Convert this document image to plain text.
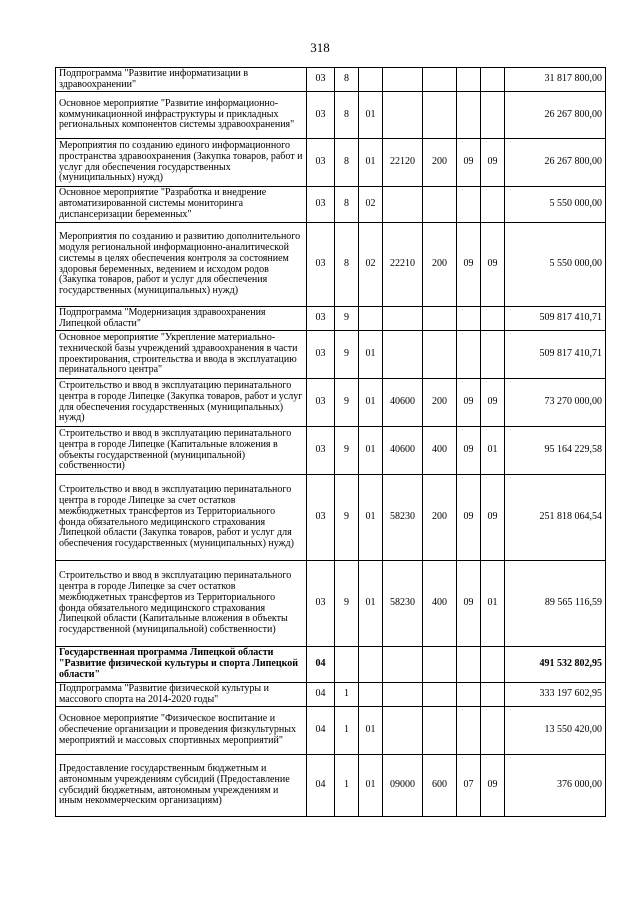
318
Подпрограмма "Развитие информатизации в здравоохранении"	03	8						31 817 800,00
Основное мероприятие "Развитие информационно-коммуникационной инфраструктуры и прикладных региональных компонентов системы здравоохранения"	03	8	01					26 267 800,00
Мероприятия по созданию единого информационного пространства здравоохранения (Закупка товаров, работ и услуг для обеспечения государственных (муниципальных) нужд)	03	8	01	22120	200	09	09	26 267 800,00
Основное мероприятие "Разработка и внедрение автоматизированной системы мониторинга диспансеризации беременных"	03	8	02					5 550 000,00
Мероприятия по созданию и развитию дополнительного модуля региональной информационно-аналитической системы в целях обеспечения контроля за состоянием здоровья беременных, ведением и исходом родов (Закупка товаров, работ и услуг для обеспечения государственных (муниципальных) нужд)	03	8	02	22210	200	09	09	5 550 000,00
Подпрограмма "Модернизация здравоохранения Липецкой области"	03	9						509 817 410,71
Основное мероприятие "Укрепление материально-технической базы учреждений здравоохранения в части проектирования, строительства и ввода в эксплуатацию перинатального центра"	03	9	01					509 817 410,71
Строительство и ввод в эксплуатацию перинатального центра в городе Липецке (Закупка товаров, работ и услуг для обеспечения государственных (муниципальных) нужд)	03	9	01	40600	200	09	09	73 270 000,00
Строительство и ввод в эксплуатацию перинатального центра в городе Липецке (Капитальные вложения в объекты государственной (муниципальной) собственности)	03	9	01	40600	400	09	01	95 164 229,58
Строительство и ввод в эксплуатацию перинатального центра в городе Липецке за счет остатков межбюджетных трансфертов из Территориального фонда обязательного медицинского страхования Липецкой области (Закупка товаров, работ и услуг для обеспечения государственных (муниципальных) нужд)	03	9	01	58230	200	09	09	251 818 064,54
Строительство и ввод в эксплуатацию перинатального центра в городе Липецке за счет остатков межбюджетных трансфертов из Территориального фонда обязательного медицинского страхования Липецкой области (Капитальные вложения в объекты государственной (муниципальной) собственности)	03	9	01	58230	400	09	01	89 565 116,59
Государственная программа Липецкой области "Развитие физической культуры и спорта Липецкой области"	04							491 532 802,95
Подпрограмма "Развитие физической культуры и массового спорта на 2014-2020 годы"	04	1						333 197 602,95
Основное мероприятие "Физическое воспитание и обеспечение организации и проведения физкультурных мероприятий и массовых спортивных мероприятий"	04	1	01					13 550 420,00
Предоставление государственным бюджетным и автономным учреждениям субсидий (Предоставление субсидий бюджетным, автономным учреждениям и иным некоммерческим организациям)	04	1	01	09000	600	07	09	376 000,00
